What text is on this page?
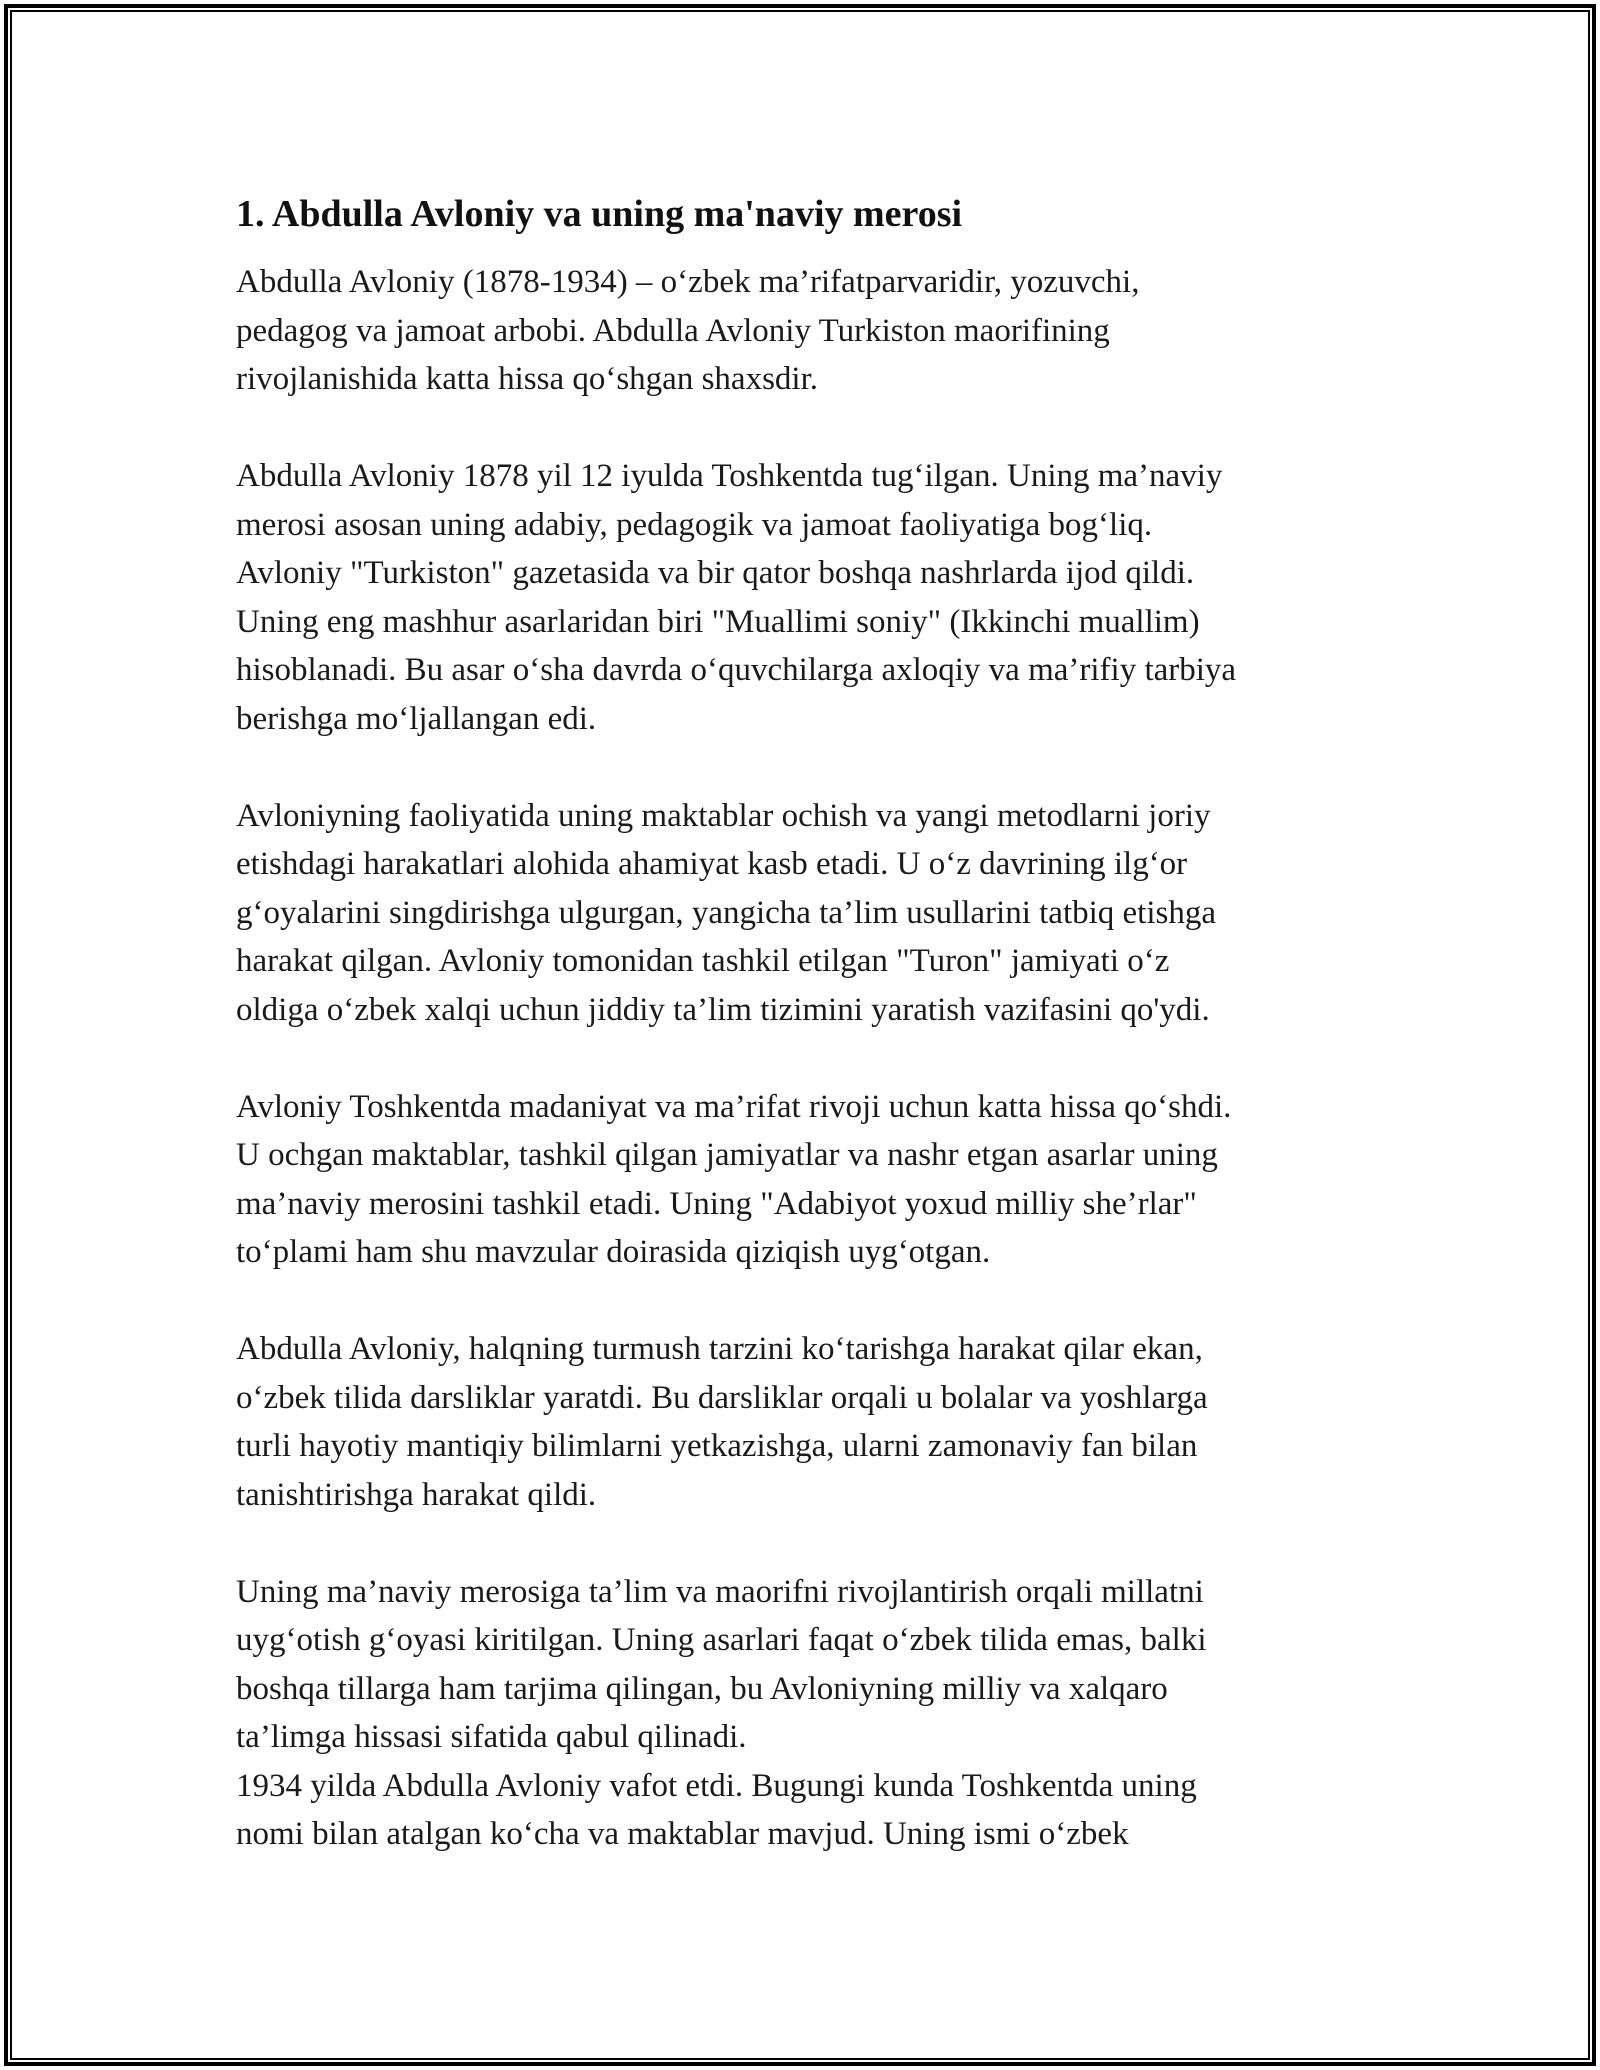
1. Abdulla Avloniy va uning ma'naviy merosi

Abdulla Avloniy (1878-1934) – o‘zbek ma’rifatparvaridir, yozuvchi,
pedagog va jamoat arbobi. Abdulla Avloniy Turkiston maorifining
rivojlanishida katta hissa qo‘shgan shaxsdir.

Abdulla Avloniy 1878 yil 12 iyulda Toshkentda tug‘ilgan. Uning ma’naviy
merosi asosan uning adabiy, pedagogik va jamoat faoliyatiga bog‘liq.
Avloniy "Turkiston" gazetasida va bir qator boshqa nashrlarda ijod qildi.
Uning eng mashhur asarlaridan biri "Muallimi soniy" (Ikkinchi muallim)
hisoblanadi. Bu asar o‘sha davrda o‘quvchilarga axloqiy va ma’rifiy tarbiya
berishga mo‘ljallangan edi.

Avloniyning faoliyatida uning maktablar ochish va yangi metodlarni joriy
etishdagi harakatlari alohida ahamiyat kasb etadi. U o‘z davrining ilg‘or
g‘oyalarini singdirishga ulgurgan, yangicha ta’lim usullarini tatbiq etishga
harakat qilgan. Avloniy tomonidan tashkil etilgan "Turon" jamiyati o‘z
oldiga o‘zbek xalqi uchun jiddiy ta’lim tizimini yaratish vazifasini qo'ydi.

Avloniy Toshkentda madaniyat va ma’rifat rivoji uchun katta hissa qo‘shdi.
U ochgan maktablar, tashkil qilgan jamiyatlar va nashr etgan asarlar uning
ma’naviy merosini tashkil etadi. Uning "Adabiyot yoxud milliy she’rlar"
to‘plami ham shu mavzular doirasida qiziqish uyg‘otgan.

Abdulla Avloniy, halqning turmush tarzini ko‘tarishga harakat qilar ekan,
o‘zbek tilida darsliklar yaratdi. Bu darsliklar orqali u bolalar va yoshlarga
turli hayotiy mantiqiy bilimlarni yetkazishga, ularni zamonaviy fan bilan
tanishtirishga harakat qildi.

Uning ma’naviy merosiga ta’lim va maorifni rivojlantirish orqali millatni
uyg‘otish g‘oyasi kiritilgan. Uning asarlari faqat o‘zbek tilida emas, balki
boshqa tillarga ham tarjima qilingan, bu Avloniyning milliy va xalqaro
ta’limga hissasi sifatida qabul qilinadi.
1934 yilda Abdulla Avloniy vafot etdi. Bugungi kunda Toshkentda uning
nomi bilan atalgan ko‘cha va maktablar mavjud. Uning ismi o‘zbek
